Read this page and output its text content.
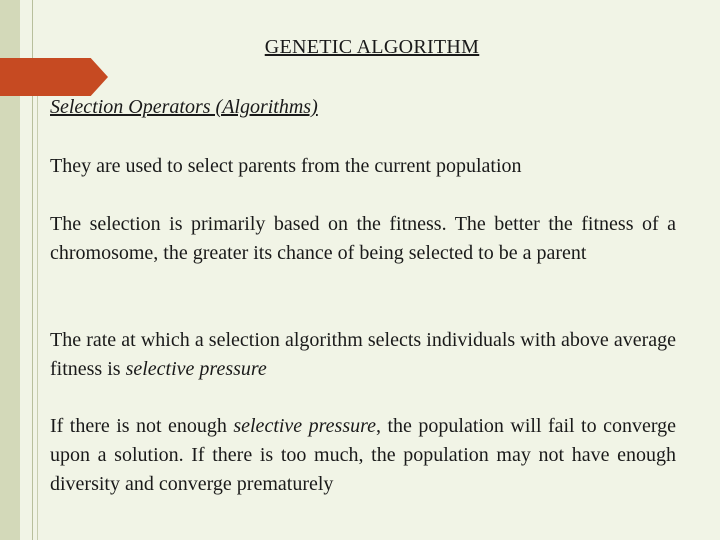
GENETIC ALGORITHM
Selection Operators (Algorithms)

They are used to select parents from the current population

The selection is primarily based on the fitness. The better the fitness of a chromosome, the greater its chance of being selected to be a parent

The rate at which a selection algorithm selects individuals with above average fitness is selective pressure

If there is not enough selective pressure, the population will fail to converge upon a solution. If there is too much, the population may not have enough diversity and converge prematurely
